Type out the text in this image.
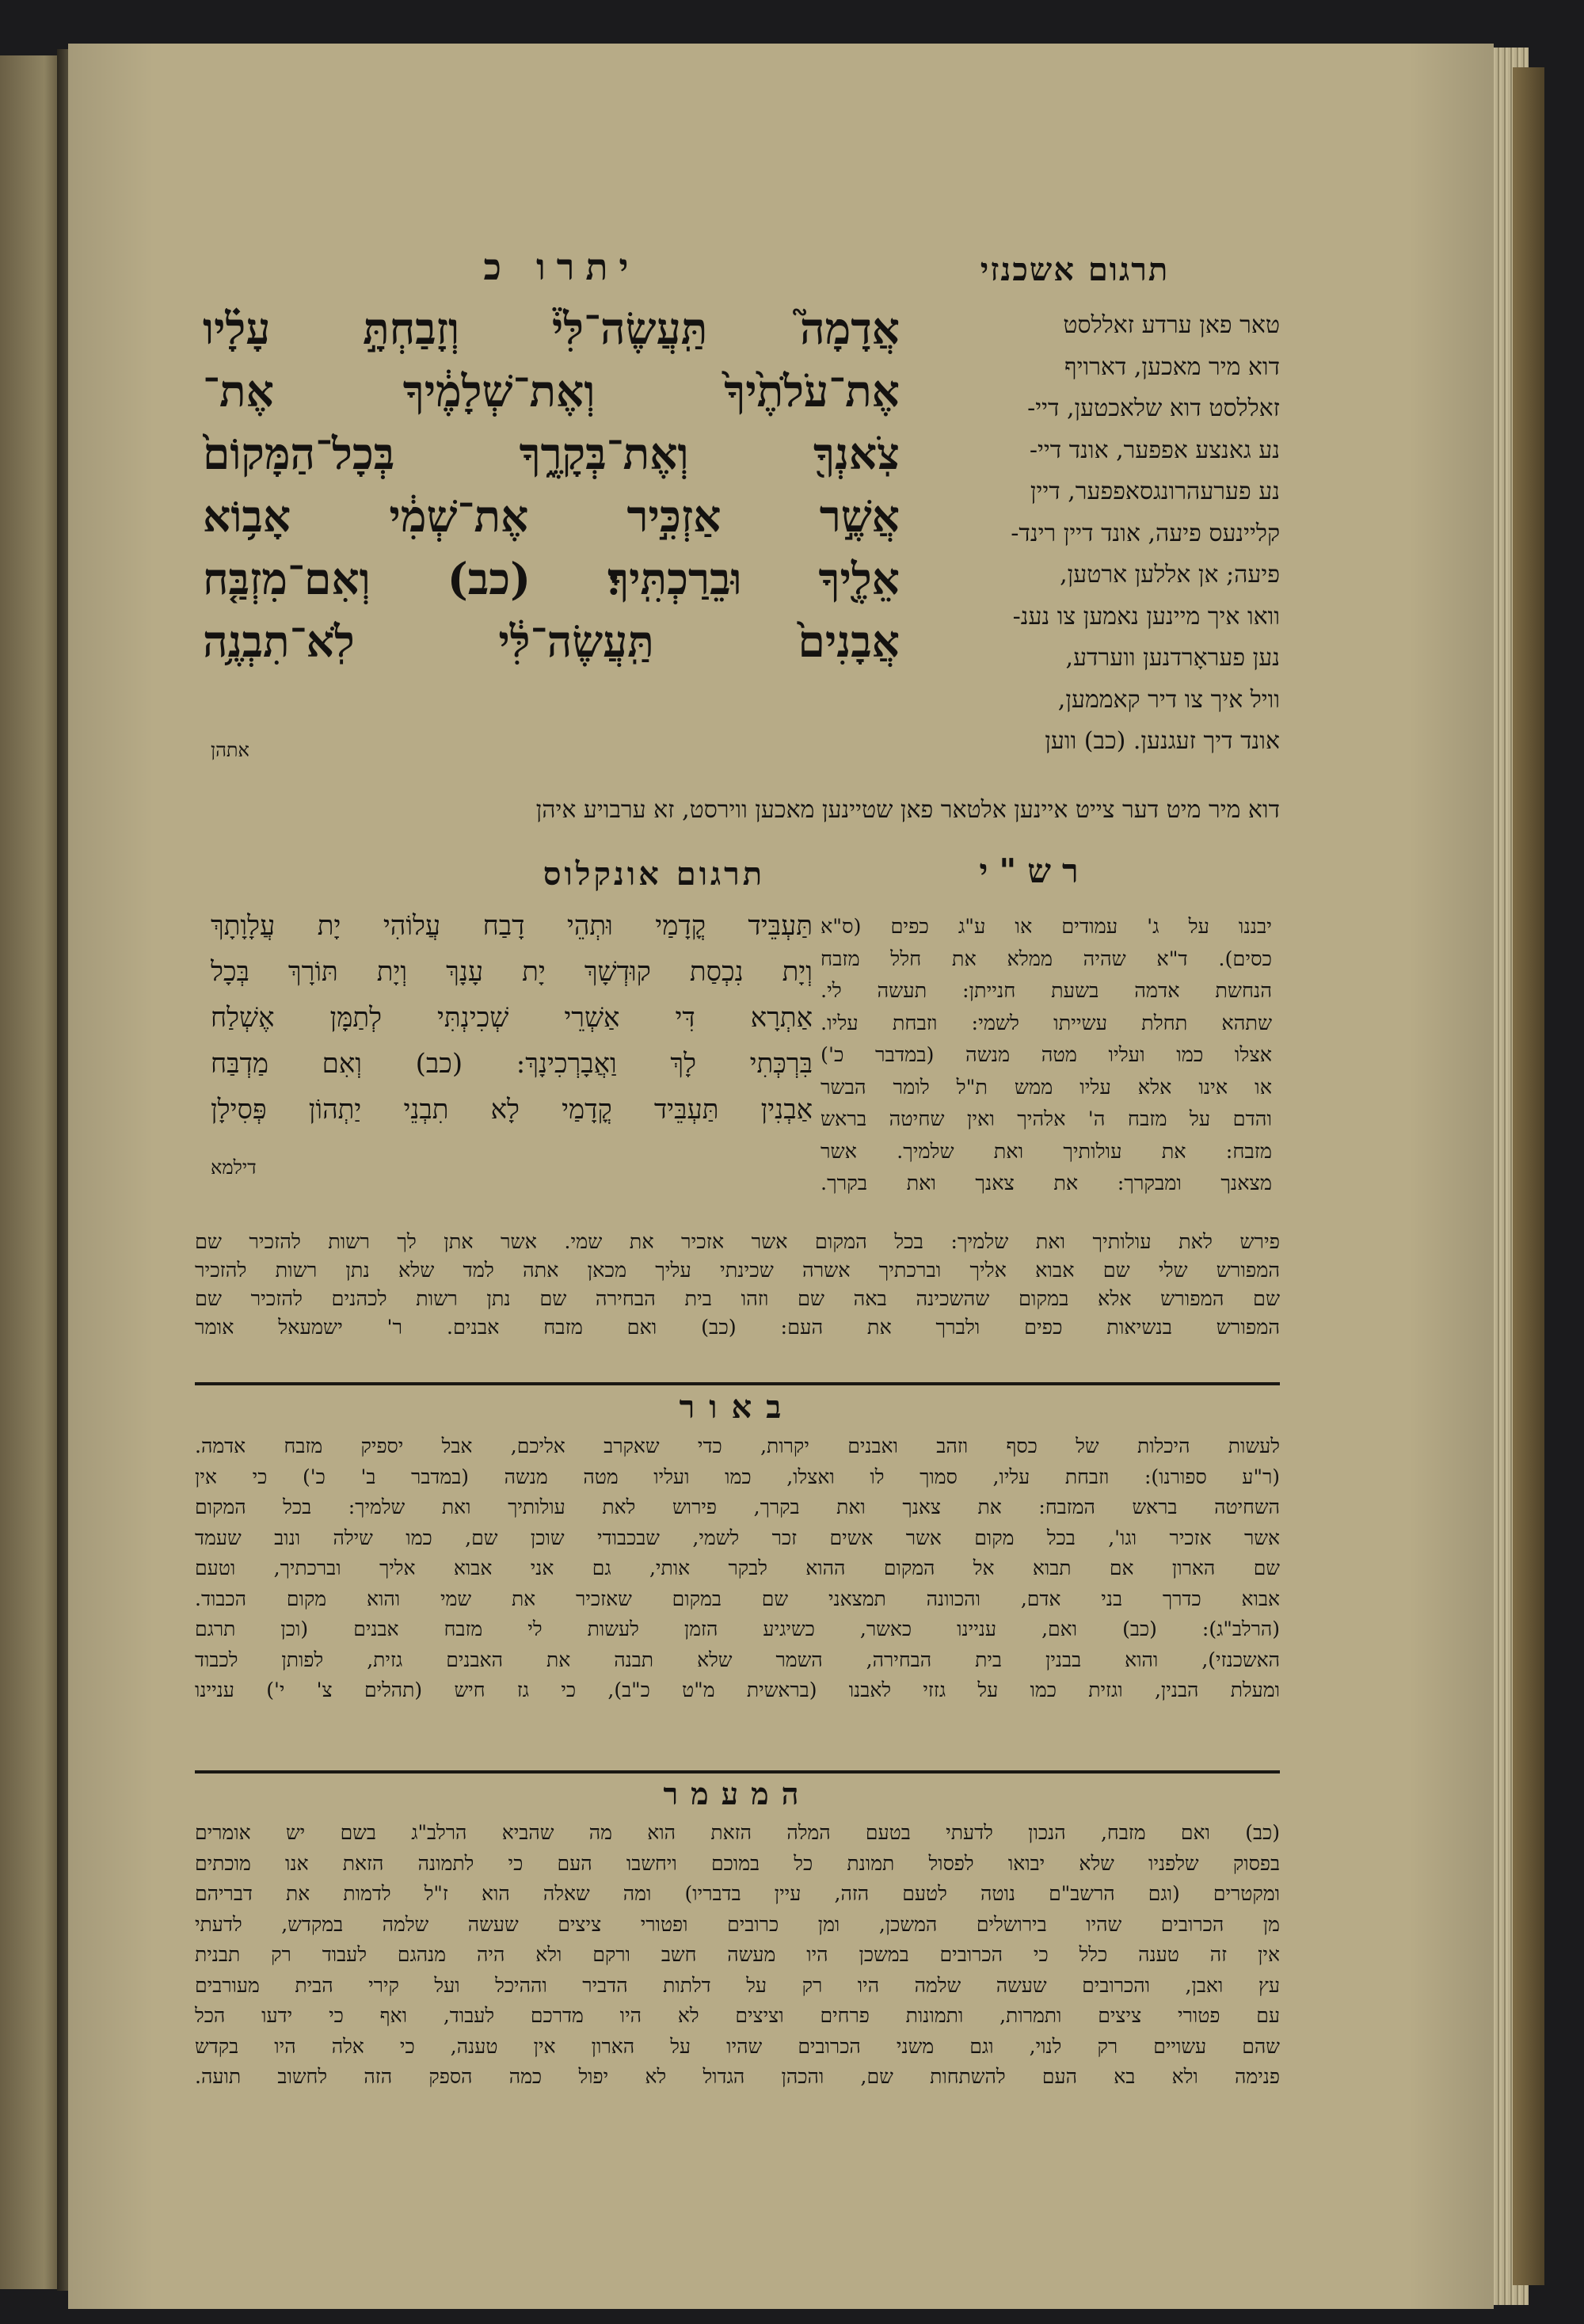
תרגום אשכנזי
יתרו כ
טאר פאן ערדע זאללסט
דוא מיר מאכען, דארויף
זאללסט דוא שלאכטען, דיי-
נע גאנצע אפפער, אונד דיי-
נע פערעהרונגסאפפער, דיין
קליינעס פיעה, אונד דיין רינד-
פיעה; אן אללען ארטען,
וואו איך מיינען נאמען צו נענ-
נען פעראָרדנען ווערדע,
וויל איך צו דיר קאממען,
אונד דיך זעגנען. (כב) ווען
אֲדָמָה֮ תַּֽעֲשֶׂה־לִּי֒ וְזָבַחְתָּ֣ עָלָ֗יו
אֶת־עֹלֹתֶ֙יךָ֙ וְאֶת־שְׁלָמֶ֔יךָ אֶת־
צֹֽאנְךָ֖ וְאֶת־בְּקָרֶ֑ךָ בְּכָל־הַמָּקוֹם֙
אֲשֶׁ֣ר אַזְכִּ֣יר אֶת־שְׁמִ֔י אָב֥וֹא
אֵלֶ֖יךָ וּבֵרַכְתִּֽיךָ׃ (כב) וְאִם־מִזְבַּ֤ח
אֲבָנִים֙ תַּֽעֲשֶׂה־לִּ֔י לֹֽא־תִבְנֶ֥ה
אתהן
דוא מיר מיט דער צייט איינען אלטאר פאן שטיינען מאכען ווירסט, זא ערבויע איהן
תרגום אונקלוס	רש"י
תַּעְבֵּיד קֳדָמַי וּתְהֵי דָבַח עֲלוֹהִי יָת עֲלָוָתָךְ
וְיָת נִכְסַת קוּדְשָׁךְ יָת עָנָךְ וְיָת תּוֹרָךְ בְּכָל
אַתְרָא דִּי אַשְׁרֵי שְׁכִינְתִּי לְתַמָּן אֶשְׁלַח
בִּרְכְּתִי לָךְ וַאֲבָרְכִינָךְ: (כב) וְאִם מַדְבַּח
אַבְנִין תַּעְבֵּיד קֳדָמַי לָא תִבְנֵי יַתְהוֹן פְּסִילָן
דילמא
יבננו על ג' עמודים או ע"ג כפים (ס"א
כסים). ד"א שהיה ממלא את חלל מזבח
הנחשת אדמה בשעת חנייתן: תעשה לי.
שתהא תחלת עשייתו לשמי: וזבחת עליו.
אצלו כמו ועליו מטה מנשה (במדבר כ')
או אינו אלא עליו ממש ת"ל לומר הבשר
והדם על מזבח ה' אלהיך ואין שחיטה בראש
מזבח: את עולותיך ואת שלמיך. אשר
מצאנך ומבקרך: את צאנך ואת בקרך.
פירש לאת עולותיך ואת שלמיך: בכל המקום אשר אזכיר את שמי. אשר אתן לך רשות להזכיר שם
המפורש שלי שם אבוא אליך וברכתיך אשרה שכינתי עליך מכאן אתה למד שלא נתן רשות להזכיר
שם המפורש אלא במקום שהשכינה באה שם וזהו בית הבחירה שם נתן רשות לכהנים להזכיר שם
המפורש בנשיאות כפים ולברך את העם: (כב) ואם מזבח אבנים. ר' ישמעאל אומר
באור
לעשות היכלות של כסף וזהב ואבנים יקרות, כדי שאקרב אליכם, אבל יספיק מזבח אדמה.
(ר"ע ספורנו): וזבחת עליו, סמוך לו ואצלו, כמו ועליו מטה מנשה (במדבר ב' כ') כי אין
השחיטה בראש המזבח: את צאנך ואת בקרך, פירוש לאת עולותיך ואת שלמיך: בכל המקום
אשר אזכיר וגו', בכל מקום אשר אשים זכר לשמי, שבכבודי שוכן שם, כמו שילה ונוב שעמד
שם הארון אם תבוא אל המקום ההוא לבקר אותי, גם אני אבוא אליך וברכתיך, וטעם
אבוא כדרך בני אדם, והכוונה תמצאני שם במקום שאזכיר את שמי והוא מקום הכבוד.
(הרלב"ג): (כב) ואם, עניינו כאשר, כשיגיע הזמן לעשות לי מזבח אבנים (וכן תרגם
האשכנזי), והוא בבנין בית הבחירה, השמר שלא תבנה את האבנים גזית, לפותן לכבוד
ומעלת הבנין, וגזית כמו על גזזי לאבנו (בראשית מ"ט כ"ב), כי גז חיש (תהלים צ' י') עניינו
המעמר
(כב) ואם מזבח, הנכון לדעתי בטעם המלה הזאת הוא מה שהביא הרלב"ג בשם יש אומרים
בפסוק שלפניו שלא יבואו לפסול תמונת כל במוכם ויחשבו העם כי לתמונה הזאת אנו מוכתים
ומקטרים (וגם הרשב"ם נוטה לטעם הזה, עיין בדבריו) ומה שאלה הוא ז"ל לדמות את דבריהם
מן הכרובים שהיו בירושלים המשכן, ומן כרובים ופטורי ציצים שעשה שלמה במקדש, לדעתי
אין זה טענה כלל כי הכרובים במשכן היו מעשה חשב ורקם ולא היה מנהגם לעבוד רק תבנית
עץ ואבן, והכרובים שעשה שלמה היו רק על דלתות הדביר וההיכל ועל קירי הבית מעורבים
עם פטורי ציצים ותמרות, ותמונות פרחים וציצים לא היו מדרכם לעבוד, ואף כי ידעו הכל
שהם עשויים רק לנוי, וגם משני הכרובים שהיו על הארון אין טענה, כי אלה היו בקדש
פנימה ולא בא העם להשתחות שם, והכהן הגדול לא יפול כמה הספק הזה לחשוב תועה.
